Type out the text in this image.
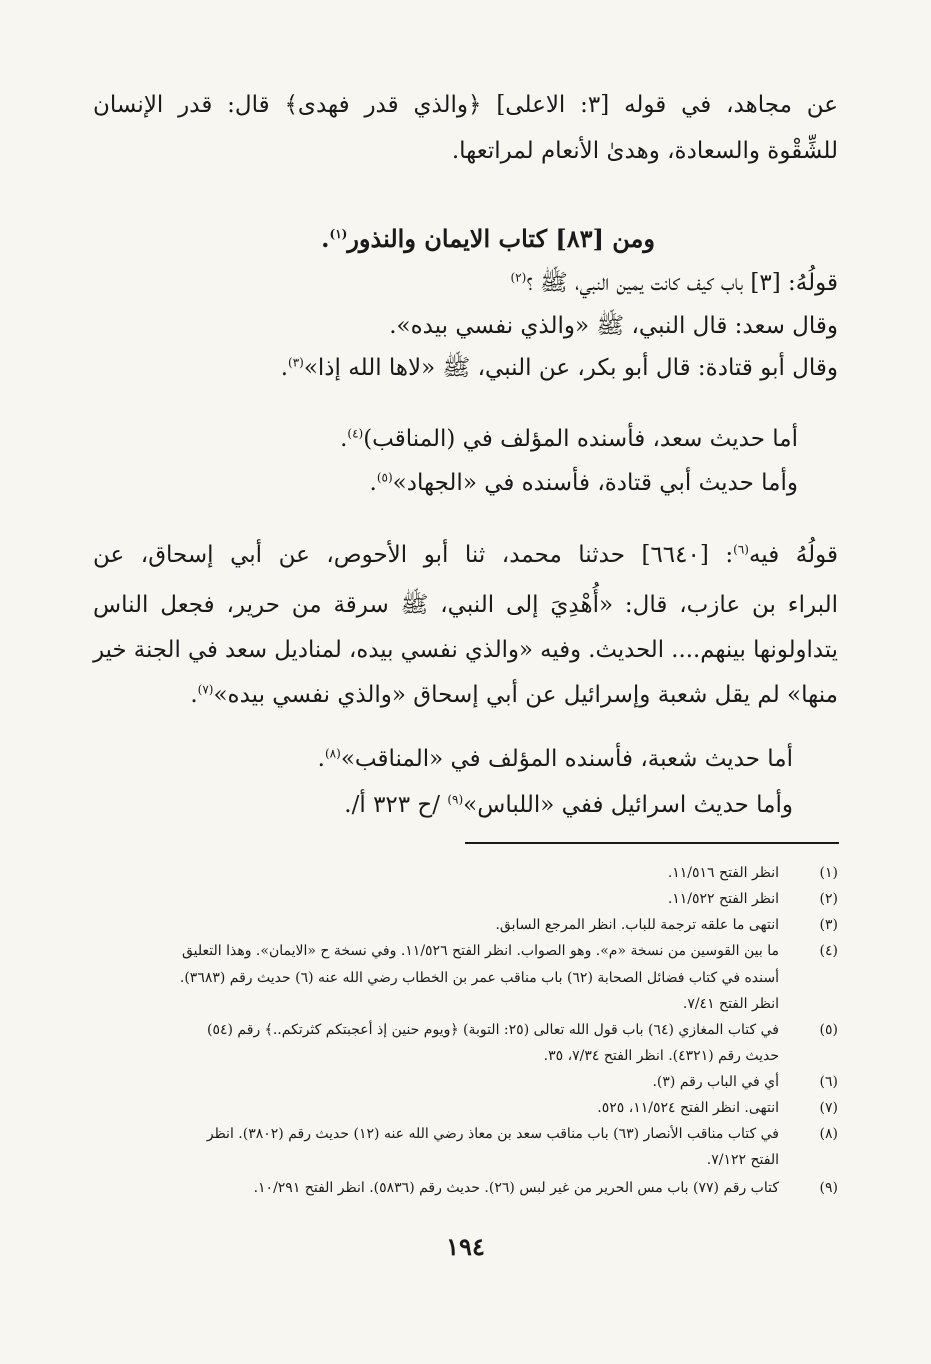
عن مجاهد، في قوله [٣: الاعلى] ﴿والذي قدر فهدى﴾ قال: قدر الإنسان
للشِّقْوة والسعادة، وهدىٰ الأنعام لمراتعها.
ومن [٨٣] كتاب الايمان والنذور$^{(١)}$.
قولُهُ: [٣] باب كيف كانت يمين النبي، ﷺ ؟$^{(٢)}$
وقال سعد: قال النبي، ﷺ «والذي نفسي بيده».
وقال أبو قتادة: قال أبو بكر، عن النبي، ﷺ «لاها الله إذا»$^{(٣)}$.
أما حديث سعد، فأسنده المؤلف في (المناقب)$^{(٤)}$.
وأما حديث أبي قتادة، فأسنده في «الجهاد»$^{(٥)}$.
قولُهُ فيه$^{(٦)}$: [٦٦٤٠] حدثنا محمد، ثنا أبو الأحوص، عن أبي إسحاق، عن
البراء بن عازب، قال: «أُهْدِيَ إلى النبي، ﷺ سرقة من حرير، فجعل الناس
يتداولونها بينهم.... الحديث. وفيه «والذي نفسي بيده، لمناديل سعد في الجنة خير
منها» لم يقل شعبة وإسرائيل عن أبي إسحاق «والذي نفسي بيده»$^{(٧)}$.
أما حديث شعبة، فأسنده المؤلف في «المناقب»$^{(٨)}$.
وأما حديث اسرائيل ففي «اللباس»$^{(٩)}$ /ح ٣٢٣ أ/.
(١)
انظر الفتح ١١/٥١٦.
(٢)
انظر الفتح ١١/٥٢٢.
(٣)
انتهى ما علقه ترجمة للباب. انظر المرجع السابق.
(٤)
ما بين القوسين من نسخة «م». وهو الصواب. انظر الفتح ١١/٥٢٦. وفي نسخة ح «الايمان». وهذا التعليق
أسنده في كتاب فضائل الصحابة (٦٢) باب مناقب عمر بن الخطاب رضي الله عنه (٦) حديث رقم (٣٦٨٣).
انظر الفتح ٧/٤١.
(٥)
في كتاب المغازي (٦٤) باب قول الله تعالى (٢٥: التوبة) ﴿ويوم حنين إذ أعجبتكم كثرتكم..﴾ رقم (٥٤)
حديث رقم (٤٣٢١). انظر الفتح ٧/٣٤، ٣٥.
(٦)
أي في الباب رقم (٣).
(٧)
انتهى. انظر الفتح ١١/٥٢٤، ٥٢٥.
(٨)
في كتاب مناقب الأنصار (٦٣) باب مناقب سعد بن معاذ رضي الله عنه (١٢) حديث رقم (٣٨٠٢). انظر
الفتح ٧/١٢٢.
(٩)
كتاب رقم (٧٧) باب مس الحرير من غير لبس (٢٦). حديث رقم (٥٨٣٦). انظر الفتح ١٠/٢٩١.
١٩٤
